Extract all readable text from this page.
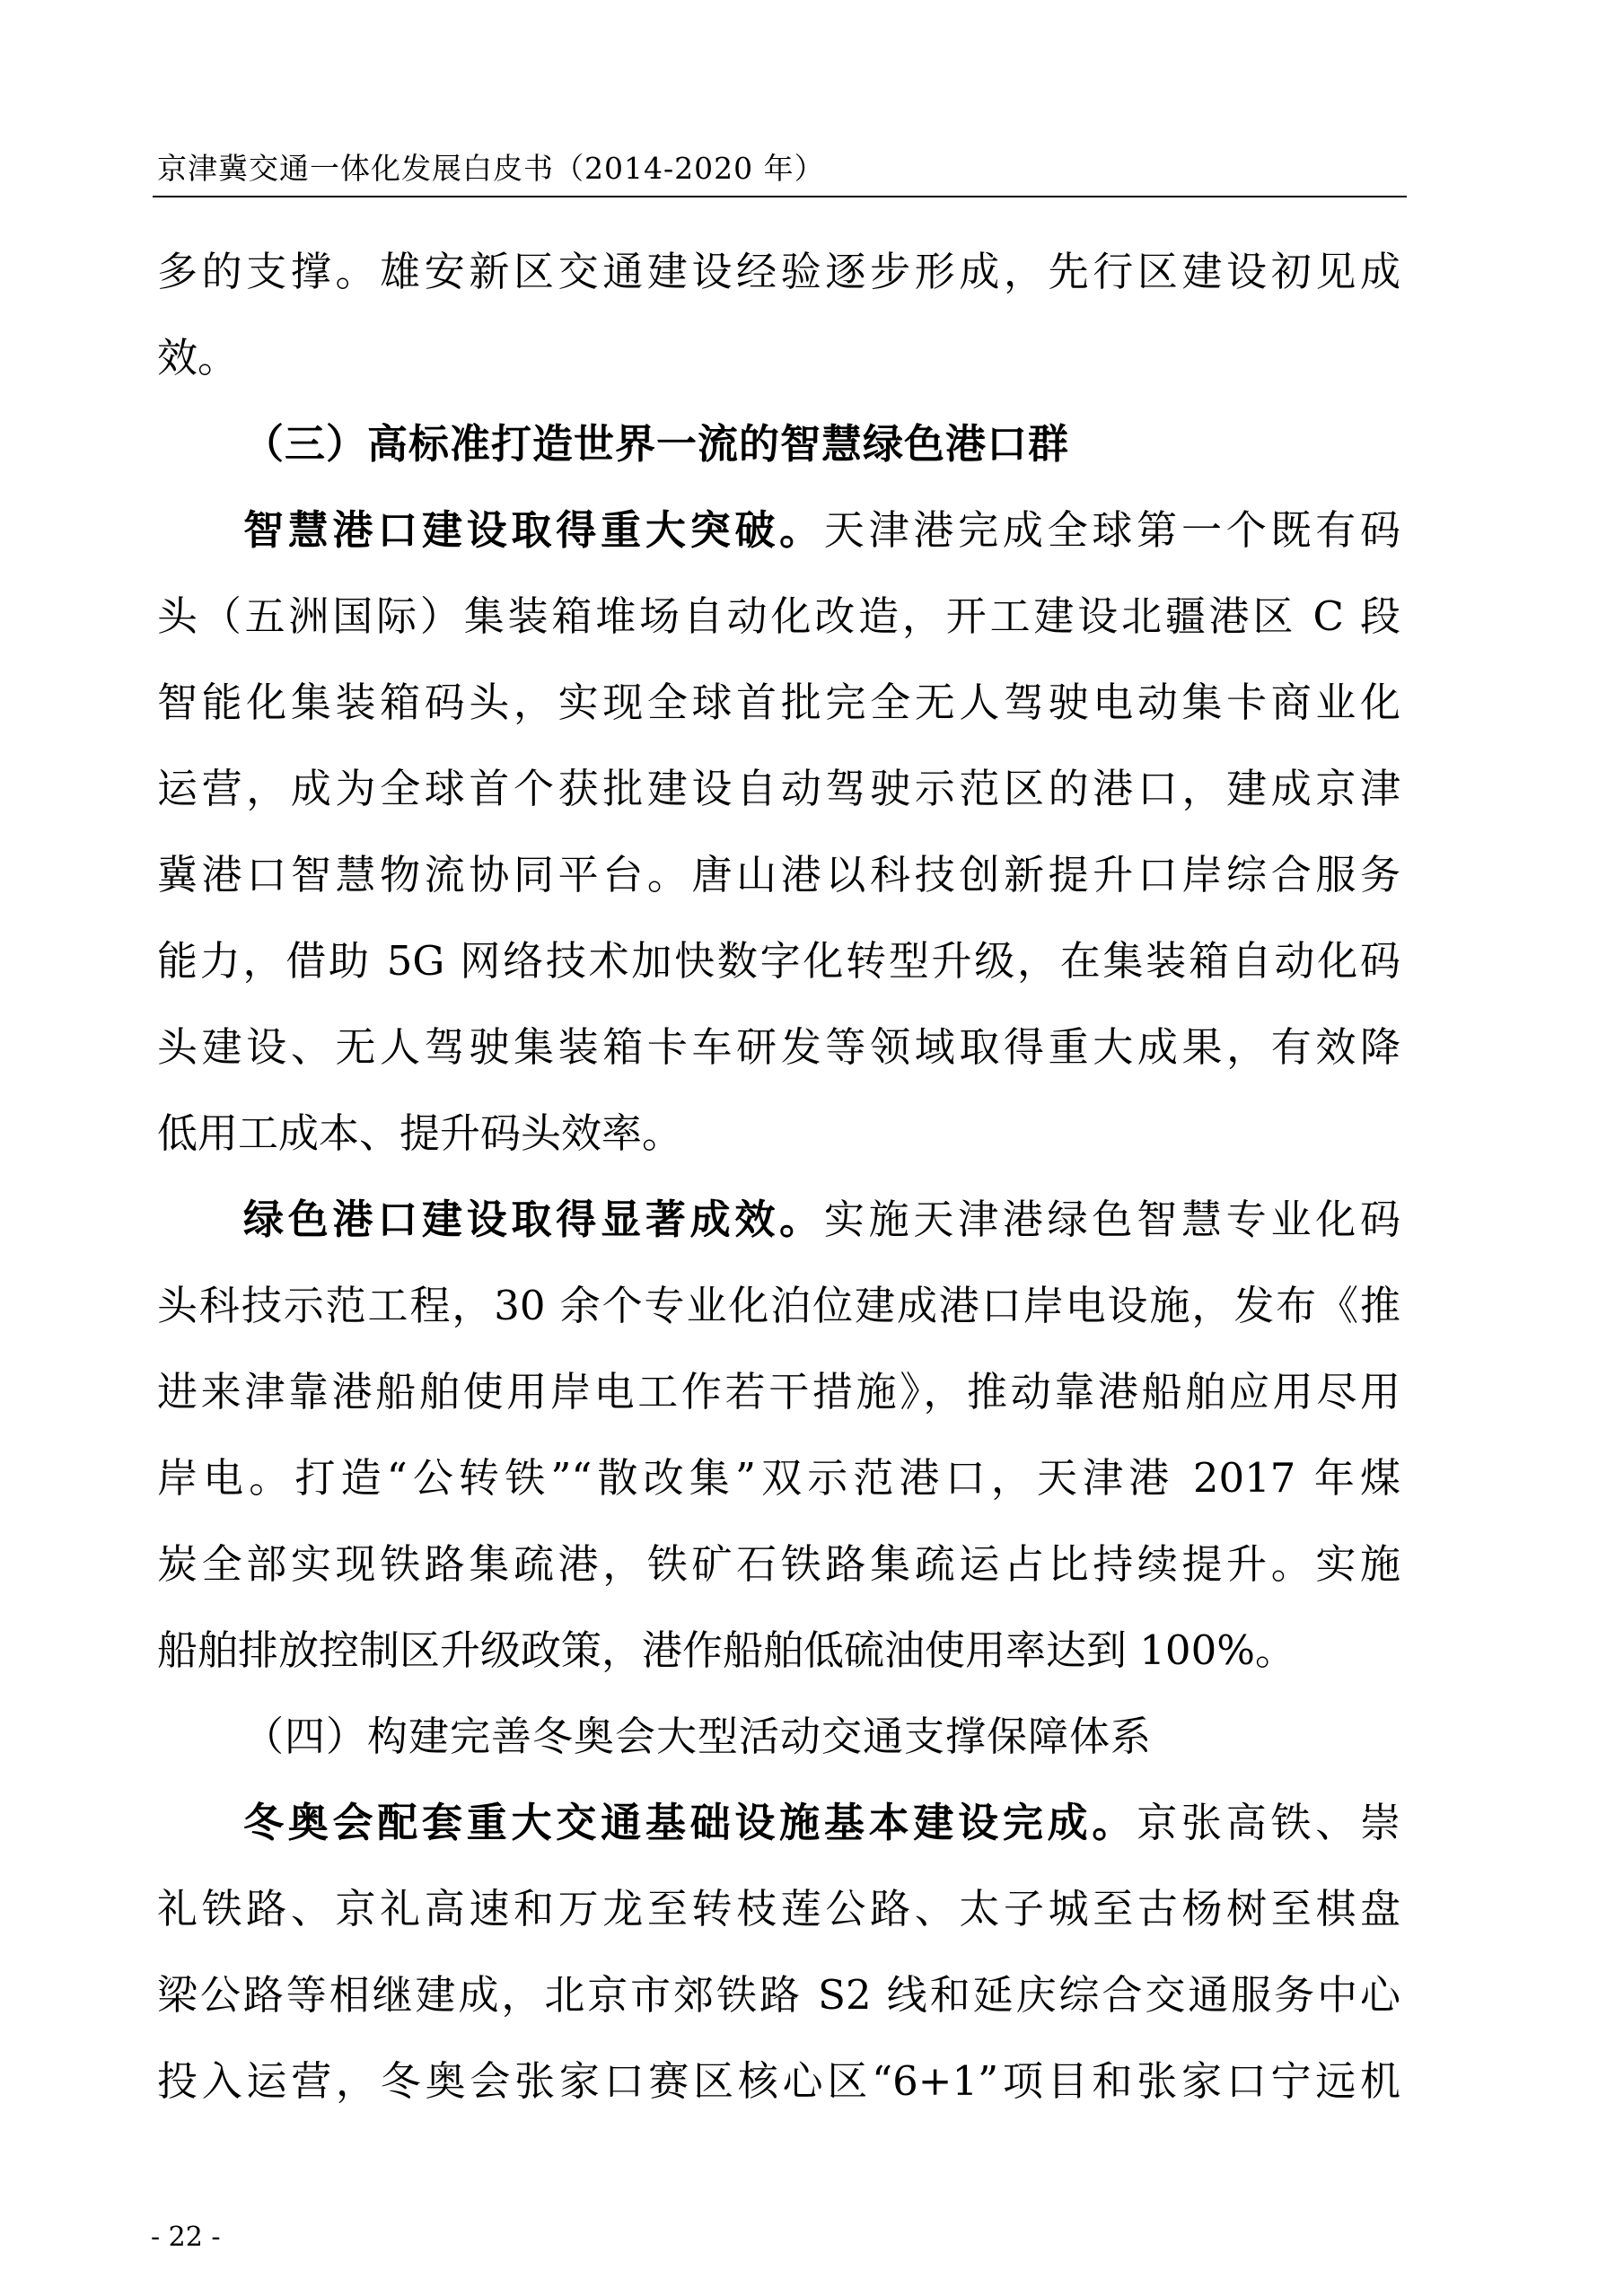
京津冀交通一体化发展白皮书（2014-2020 年）
多的支撑。雄安新区交通建设经验逐步形成，先行区建设初见成
效。
（三）高标准打造世界一流的智慧绿色港口群
智慧港口建设取得重大突破。天津港完成全球第一个既有码
头（五洲国际）集装箱堆场自动化改造，开工建设北疆港区 C 段
智能化集装箱码头，实现全球首批完全无人驾驶电动集卡商业化
运营，成为全球首个获批建设自动驾驶示范区的港口，建成京津
冀港口智慧物流协同平台。唐山港以科技创新提升口岸综合服务
能力，借助 5G 网络技术加快数字化转型升级，在集装箱自动化码
头建设、无人驾驶集装箱卡车研发等领域取得重大成果，有效降
低用工成本、提升码头效率。
绿色港口建设取得显著成效。实施天津港绿色智慧专业化码
头科技示范工程，30 余个专业化泊位建成港口岸电设施，发布《推
进来津靠港船舶使用岸电工作若干措施》，推动靠港船舶应用尽用
岸电。打造“公转铁”“散改集”双示范港口，天津港 2017 年煤
炭全部实现铁路集疏港，铁矿石铁路集疏运占比持续提升。实施
船舶排放控制区升级政策，港作船舶低硫油使用率达到 100%。
（四）构建完善冬奥会大型活动交通支撑保障体系
冬奥会配套重大交通基础设施基本建设完成。京张高铁、崇
礼铁路、京礼高速和万龙至转枝莲公路、太子城至古杨树至棋盘
梁公路等相继建成，北京市郊铁路 S2 线和延庆综合交通服务中心
投入运营，冬奥会张家口赛区核心区“6+1”项目和张家口宁远机
- 22 -
